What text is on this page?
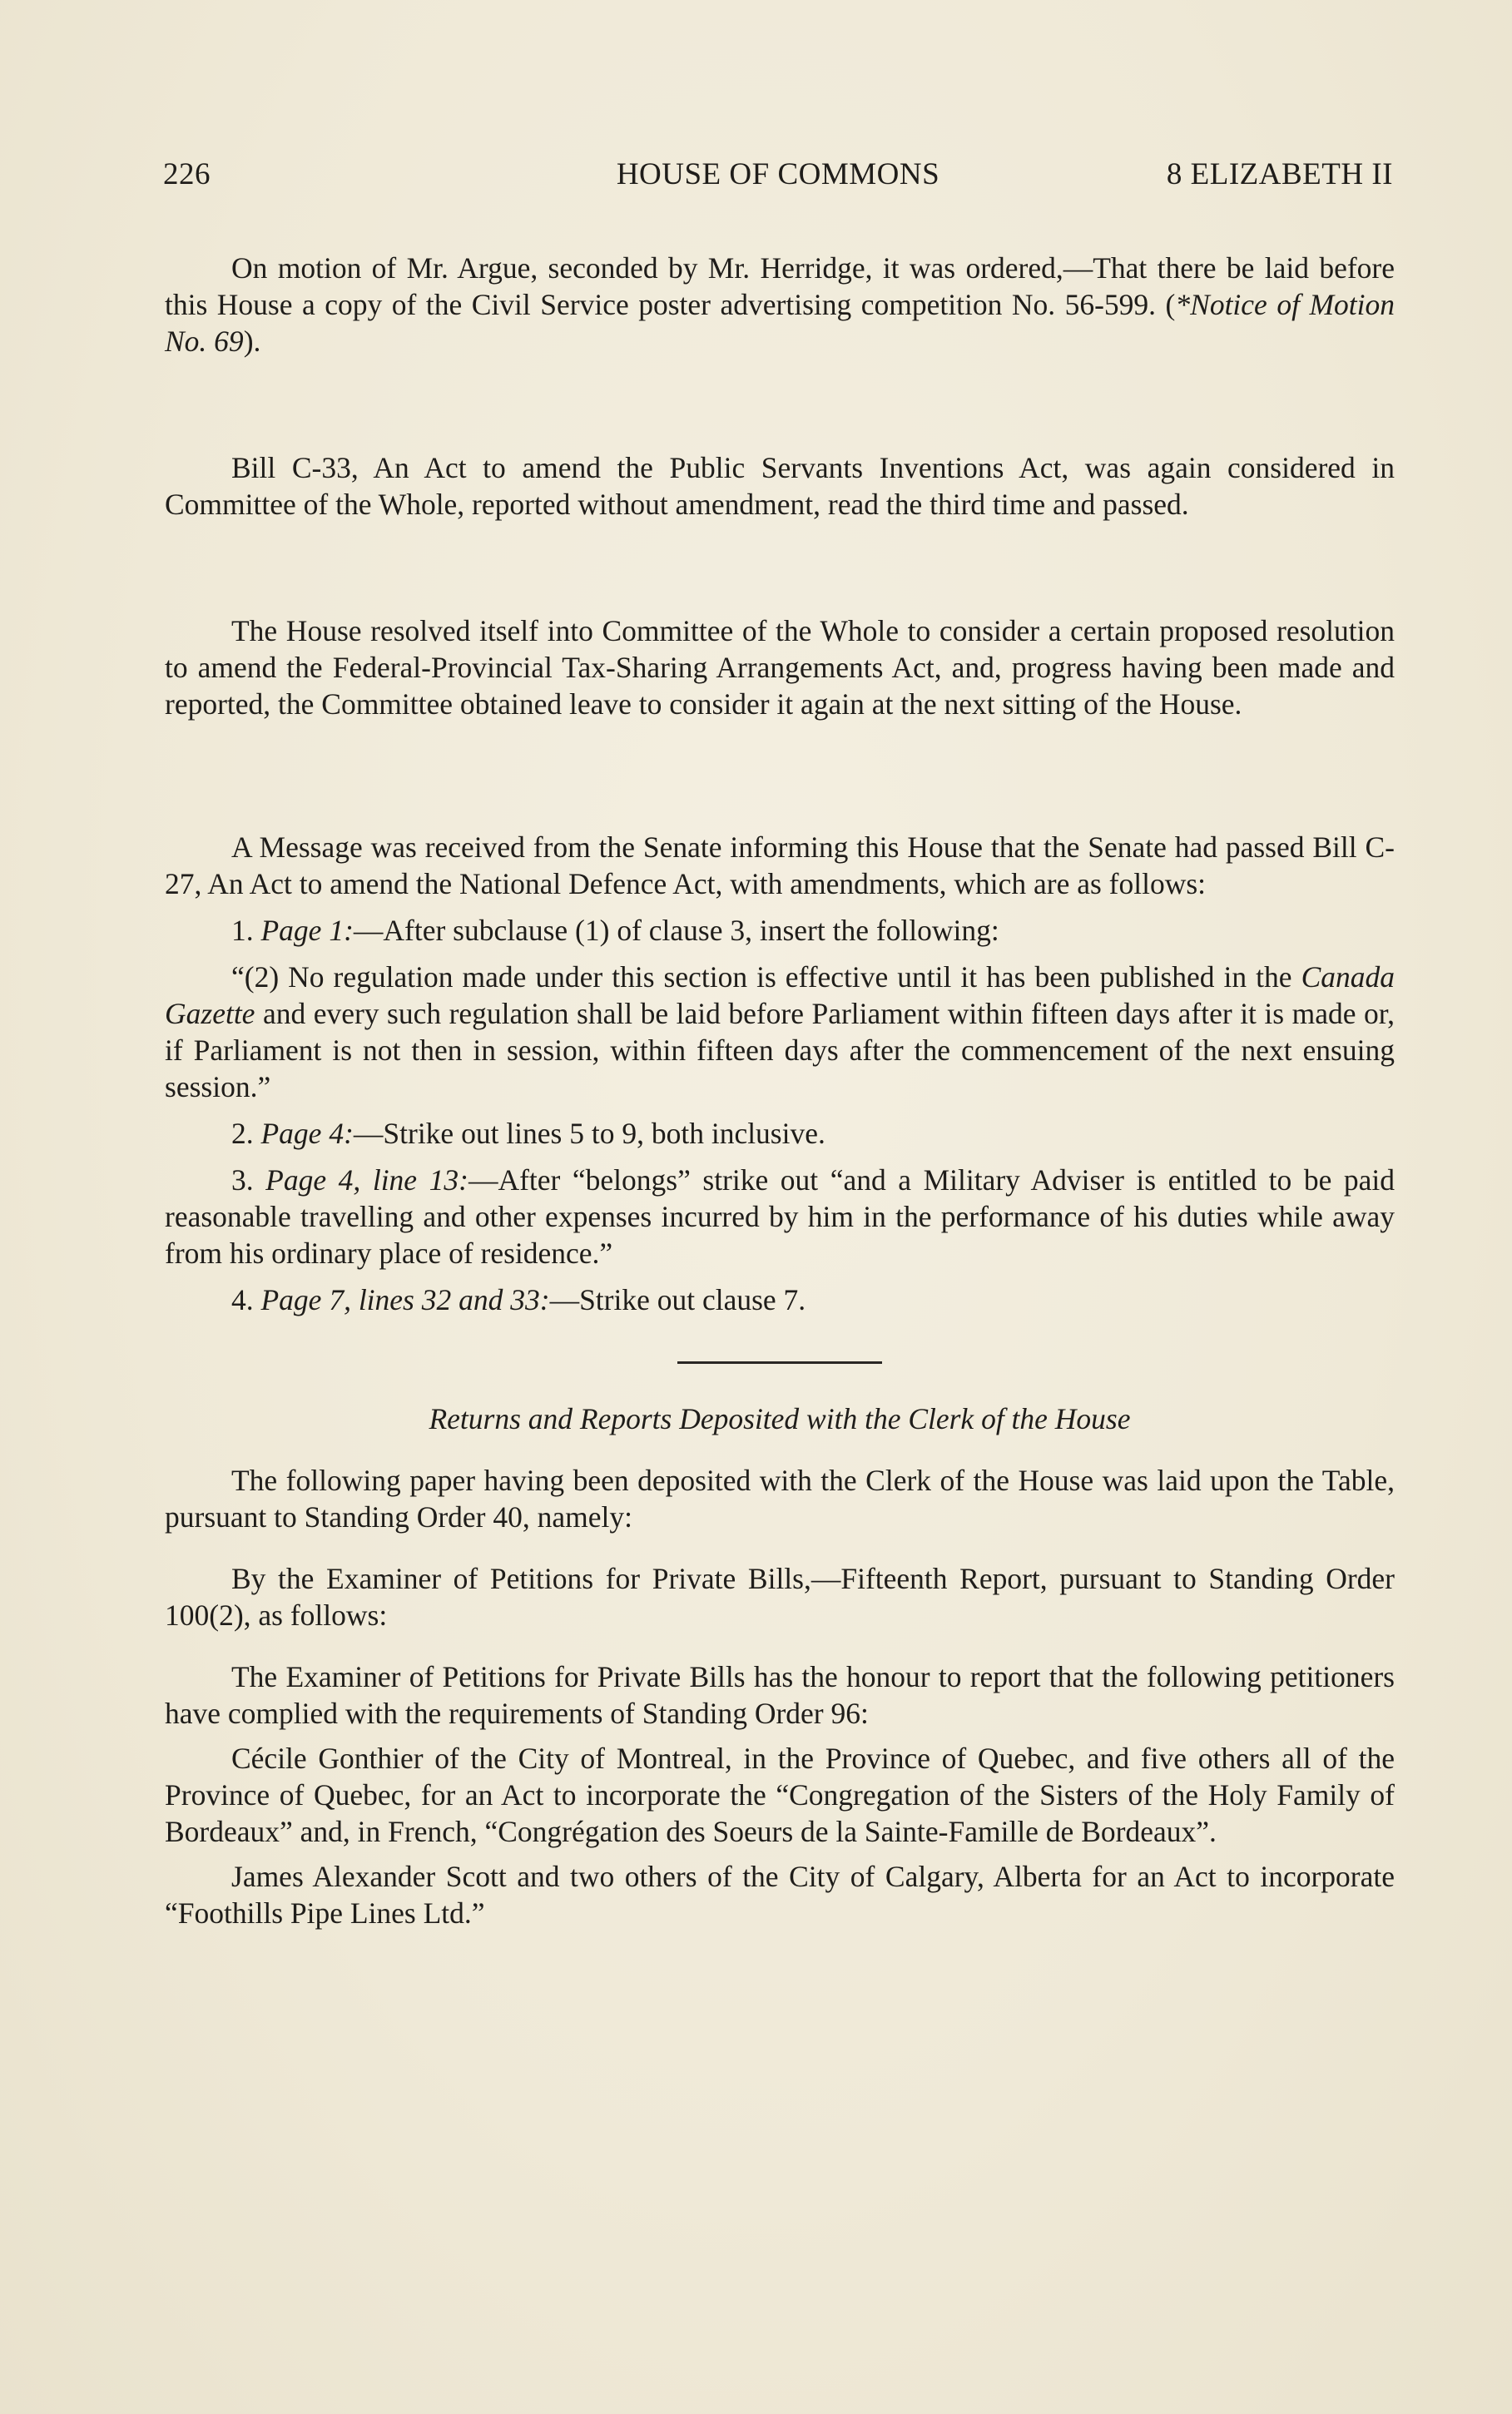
226	HOUSE OF COMMONS	8 ELIZABETH II

On motion of Mr. Argue, seconded by Mr. Herridge, it was ordered,—That there be laid before this House a copy of the Civil Service poster advertising competition No. 56-599. (*Notice of Motion No. 69).

Bill C-33, An Act to amend the Public Servants Inventions Act, was again considered in Committee of the Whole, reported without amendment, read the third time and passed.

The House resolved itself into Committee of the Whole to consider a certain proposed resolution to amend the Federal-Provincial Tax-Sharing Arrangements Act, and, progress having been made and reported, the Committee obtained leave to consider it again at the next sitting of the House.

A Message was received from the Senate informing this House that the Senate had passed Bill C-27, An Act to amend the National Defence Act, with amendments, which are as follows:

1. Page 1:—After subclause (1) of clause 3, insert the following:

“(2) No regulation made under this section is effective until it has been published in the Canada Gazette and every such regulation shall be laid before Parliament within fifteen days after it is made or, if Parliament is not then in session, within fifteen days after the commencement of the next ensuing session.”

2. Page 4:—Strike out lines 5 to 9, both inclusive.

3. Page 4, line 13:—After “belongs” strike out “and a Military Adviser is entitled to be paid reasonable travelling and other expenses incurred by him in the performance of his duties while away from his ordinary place of residence.”

4. Page 7, lines 32 and 33:—Strike out clause 7.

Returns and Reports Deposited with the Clerk of the House

The following paper having been deposited with the Clerk of the House was laid upon the Table, pursuant to Standing Order 40, namely:

By the Examiner of Petitions for Private Bills,—Fifteenth Report, pursuant to Standing Order 100(2), as follows:

The Examiner of Petitions for Private Bills has the honour to report that the following petitioners have complied with the requirements of Standing Order 96:

Cécile Gonthier of the City of Montreal, in the Province of Quebec, and five others all of the Province of Quebec, for an Act to incorporate the “Congregation of the Sisters of the Holy Family of Bordeaux” and, in French, “Congrégation des Soeurs de la Sainte-Famille de Bordeaux”.

James Alexander Scott and two others of the City of Calgary, Alberta for an Act to incorporate “Foothills Pipe Lines Ltd.”
